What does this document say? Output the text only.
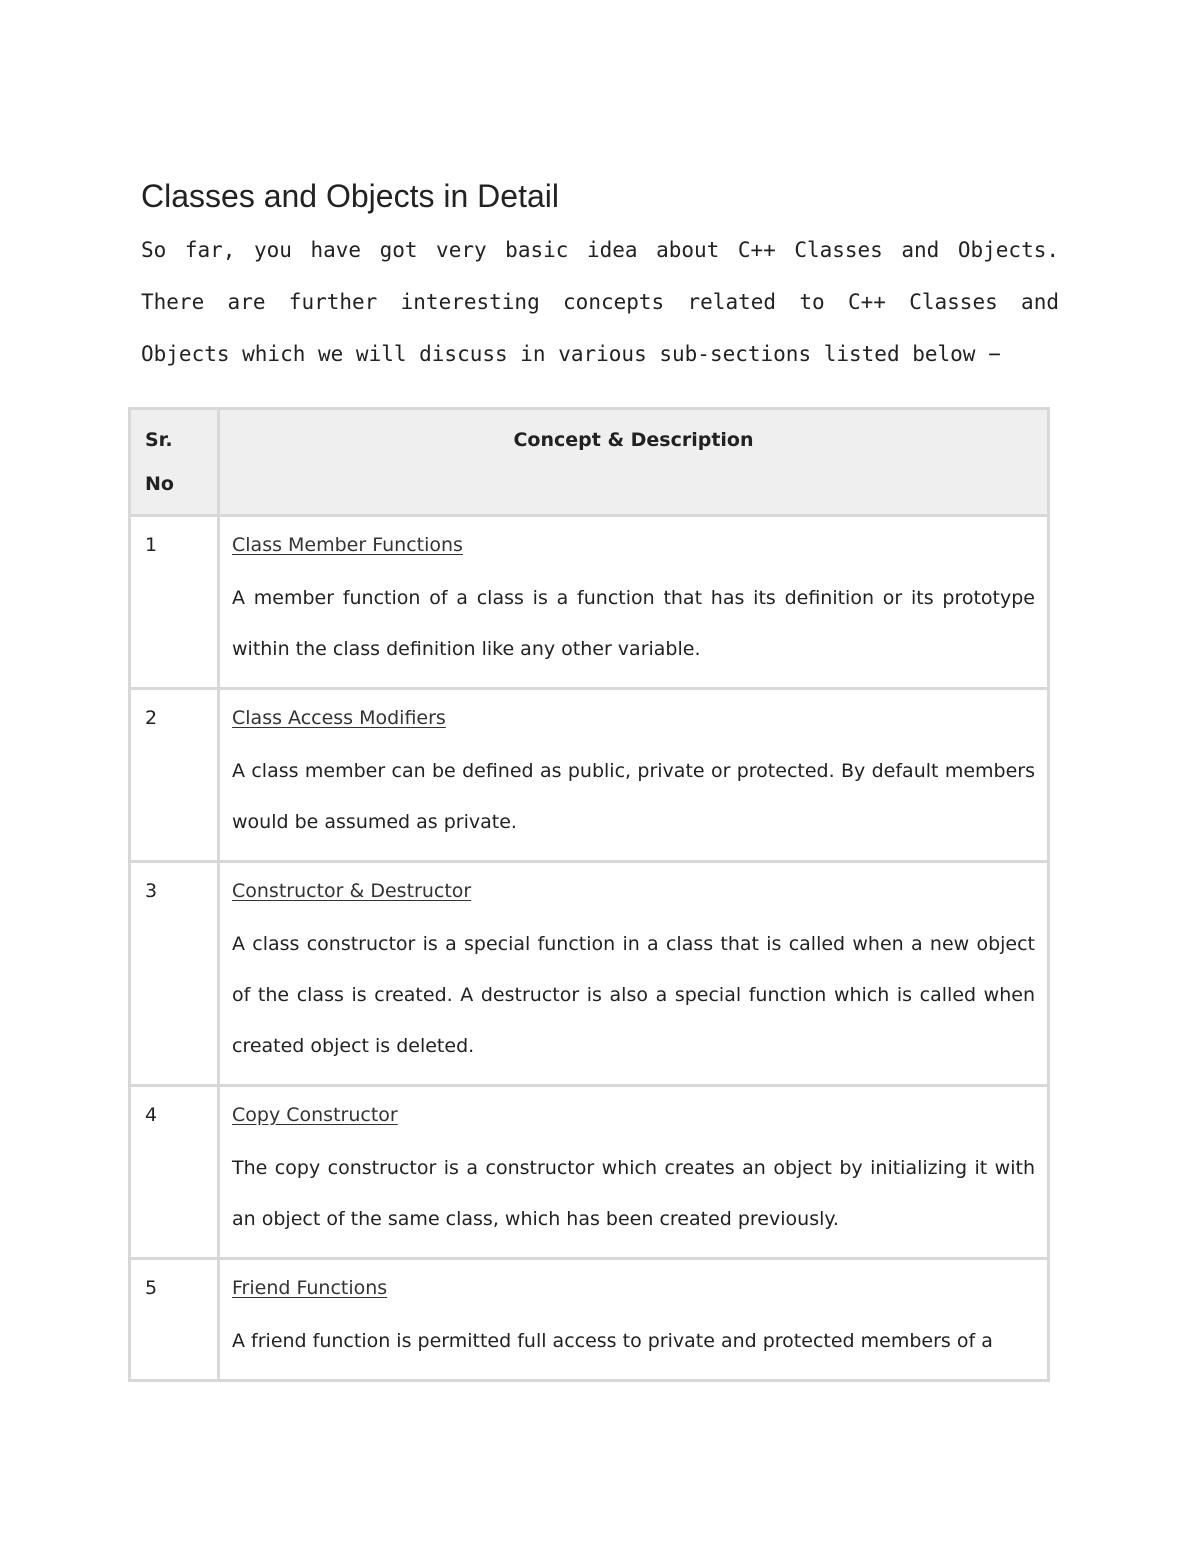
Classes and Objects in Detail

So far, you have got very basic idea about C++ Classes and Objects. There are further interesting concepts related to C++ Classes and Objects which we will discuss in various sub-sections listed below −

Sr. No	Concept & Description
1	Class Member Functions

A member function of a class is a function that has its definition or its prototype within the class definition like any other variable.

2	Class Access Modifiers

A class member can be defined as public, private or protected. By default members would be assumed as private.

3	Constructor & Destructor

A class constructor is a special function in a class that is called when a new object of the class is created. A destructor is also a special function which is called when created object is deleted.

4	Copy Constructor

The copy constructor is a constructor which creates an object by initializing it with an object of the same class, which has been created previously.

5	Friend Functions

A friend function is permitted full access to private and protected members of a
